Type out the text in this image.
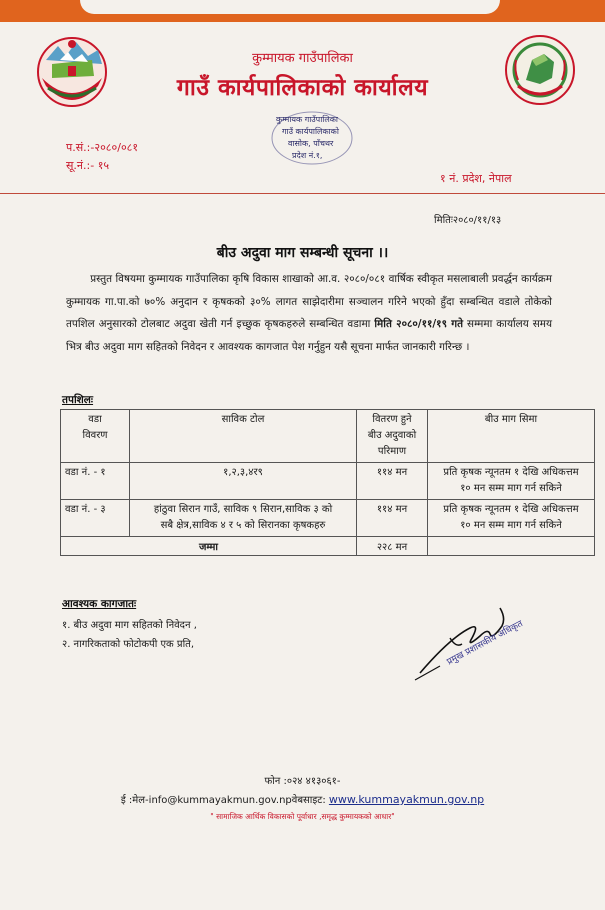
कुम्मायक गाउँपालिका
गाउँ कार्यपालिकाको कार्यालय
कुम्मायक गाउँपालिका
गाउँ कार्यपालिकाको
वासोक, पाँचथर
प्रदेश नं.१,
प.सं.:-२०८०/०८१
सू.नं.:- १५
१ नं. प्रदेश, नेपाल
मितिः२०८०/११/१३
बीउ अदुवा माग सम्बन्धी सूचना ।।
प्रस्तुत विषयमा कुम्मायक गाउँपालिका कृषि विकास शाखाको आ.व. २०८०/०८१ वार्षिक स्वीकृत मसलाबाली प्रवर्द्धन कार्यक्रम कुम्मायक गा.पा.को ७०% अनुदान र कृषकको ३०% लागत साझेदारीमा सञ्चालन गरिने भएको हुँदा सम्बन्धित वडाले तोकेको तपशिल अनुसारको टोलबाट अदुवा खेती गर्न इच्छुक कृषकहरुले सम्बन्धित वडामा मिति २०८०/११/१९ गते सम्ममा कार्यालय समय भित्र बीउ अदुवा माग सहितको निवेदन र आवश्यक कागजात पेश गर्नुहुन यसै सूचना मार्फत जानकारी गरिन्छ ।
तपशिलः
वडा
विवरण	साविक टोल	वितरण हुने
बीउ अदुवाको
परिमाण	बीउ माग सिमा
वडा नं. - १	१,२,३,४र९	११४ मन	प्रति कृषक न्यूनतम १ देखि अधिकत्तम
१० मन सम्म माग गर्न सकिने
वडा नं. - ३	हांठुवा सिरान गाउँ, साविक ९ सिरान,साविक ३ को
सबै क्षेत्र,साविक ४ र ५ को सिरानका कृषकहरु	११४ मन	प्रति कृषक न्यूनतम १ देखि अधिकत्तम
१० मन सम्म माग गर्न सकिने
जम्मा		२२८ मन	
आवश्यक कागजातः
१. बीउ अदुवा माग सहितको निवेदन ,
२. नागरिकताको फोटोकपी एक प्रति,	प्रमुख प्रशासकीय अधिकृत
फोन :०२४ ४१३०६१-
ई :मेल-info@kummayakmun.gov.npवेबसाइट: www.kummayakmun.gov.np
" सामाजिक आर्थिक विकासको पूर्वाधार ,समृद्ध कुम्मायकको आधार"
